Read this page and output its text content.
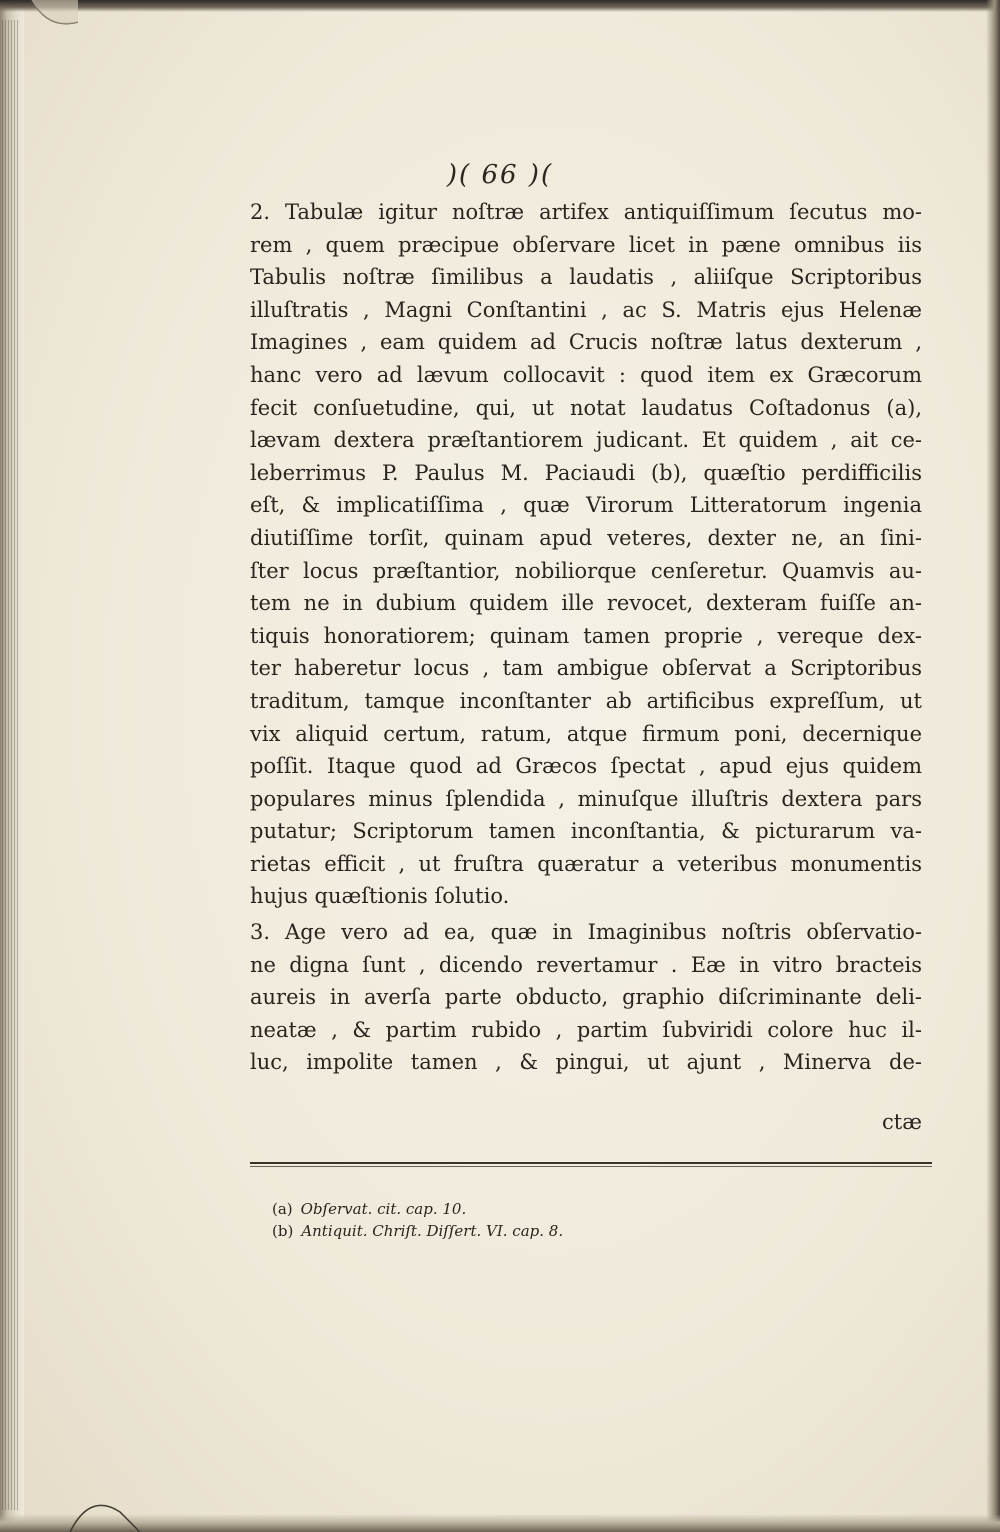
)( 66 )(
2. Tabulæ igitur noſtræ artifex antiquiſſimum ſecutus mo-
rem , quem præcipue obſervare licet in pæne omnibus iis
Tabulis noſtræ ſimilibus a laudatis , aliiſque Scriptoribus
illuſtratis , Magni Conſtantini , ac S. Matris ejus Helenæ
Imagines , eam quidem ad Crucis noſtræ latus dexterum ,
hanc vero ad lævum collocavit : quod item ex Græcorum
fecit conſuetudine, qui, ut notat laudatus Coſtadonus (a),
lævam dextera præſtantiorem judicant. Et quidem , ait ce-
leberrimus P. Paulus M. Paciaudi (b), quæſtio perdifficilis
eſt, & implicatiſſima , quæ Virorum Litteratorum ingenia
diutiſſime torſit, quinam apud veteres, dexter ne, an ſini-
ſter locus præſtantior, nobiliorque cenſeretur. Quamvis au-
tem ne in dubium quidem ille revocet, dexteram fuiſſe an-
tiquis honoratiorem; quinam tamen proprie , vereque dex-
ter haberetur locus , tam ambigue obſervat a Scriptoribus
traditum, tamque inconſtanter ab artificibus expreſſum, ut
vix aliquid certum, ratum, atque firmum poni, decernique
poſſit. Itaque quod ad Græcos ſpectat , apud ejus quidem
populares minus ſplendida , minuſque illuſtris dextera pars
putatur; Scriptorum tamen inconſtantia, & picturarum va-
rietas efficit , ut fruſtra quæratur a veteribus monumentis
hujus quæſtionis ſolutio.
3. Age vero ad ea, quæ in Imaginibus noſtris obſervatio-
ne digna ſunt , dicendo revertamur . Eæ in vitro bracteis
aureis in averſa parte obducto, graphio diſcriminante deli-
neatæ , & partim rubido , partim ſubviridi colore huc il-
luc, impolite tamen , & pingui, ut ajunt , Minerva de-
ctæ
(a) Obſervat. cit. cap. 10.
(b) Antiquit. Chriſt. Diſſert. VI. cap. 8.
